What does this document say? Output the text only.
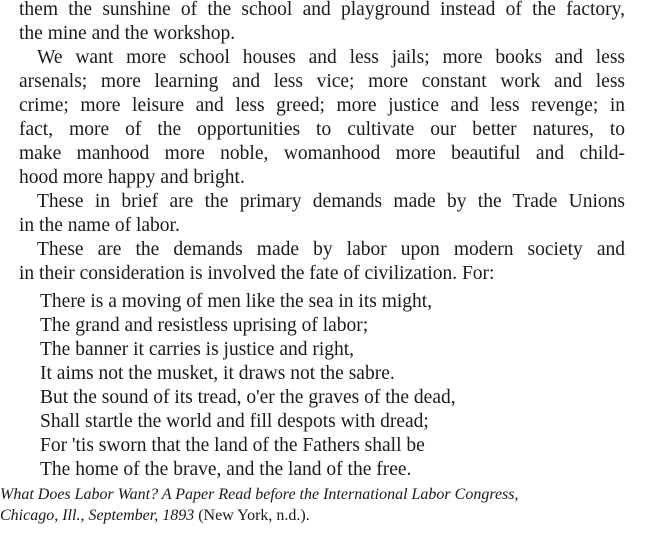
them the sunshine of the school and playground instead of the factory,
the mine and the workshop.
We want more school houses and less jails; more books and less
arsenals; more learning and less vice; more constant work and less
crime; more leisure and less greed; more justice and less revenge; in
fact, more of the opportunities to cultivate our better natures, to
make manhood more noble, womanhood more beautiful and child-
hood more happy and bright.
These in brief are the primary demands made by the Trade Unions
in the name of labor.
These are the demands made by labor upon modern society and
in their consideration is involved the fate of civilization. For:
There is a moving of men like the sea in its might,
The grand and resistless uprising of labor;
The banner it carries is justice and right,
It aims not the musket, it draws not the sabre.
But the sound of its tread, o'er the graves of the dead,
Shall startle the world and fill despots with dread;
For 'tis sworn that the land of the Fathers shall be
The home of the brave, and the land of the free.
What Does Labor Want? A Paper Read before the International Labor Congress,
Chicago, Ill., September, 1893 (New York, n.d.).
